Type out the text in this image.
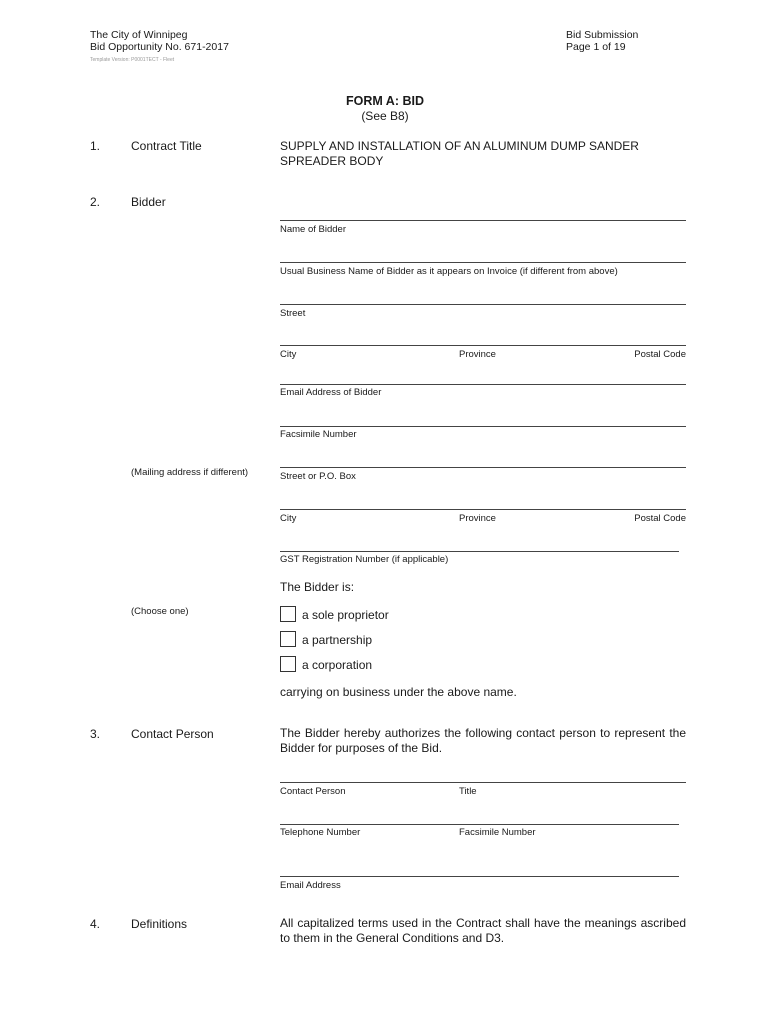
The City of Winnipeg
Bid Opportunity No. 671-2017
Template Version: P0001TECT - Fleet
Bid Submission
Page 1 of 19
FORM A: BID
(See B8)
1.	Contract Title	SUPPLY AND INSTALLATION OF AN ALUMINUM DUMP SANDER
SPREADER BODY
2.	Bidder
Name of Bidder
Usual Business Name of Bidder as it appears on Invoice (if different from above)
Street
City	Province	Postal Code
Email Address of Bidder
Facsimile Number
(Mailing address if different)	Street or P.O. Box
City	Province	Postal Code
GST Registration Number (if applicable)
The Bidder is:
(Choose one)	a sole proprietor
a partnership
a corporation
carrying on business under the above name.
3.	Contact Person	The Bidder hereby authorizes the following contact person to represent the Bidder for purposes of the Bid.
Contact Person	Title
Telephone Number	Facsimile Number
Email Address
4.	Definitions	All capitalized terms used in the Contract shall have the meanings ascribed to them in the General Conditions and D3.
